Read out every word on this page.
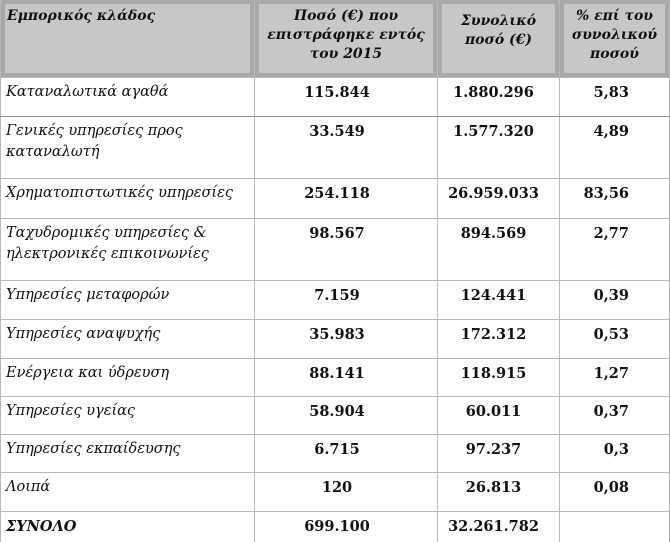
Εμπορικός κλάδος	Ποσό (€) που επιστράφηκε εντός του 2015	Συνολικό ποσό (€)	% επί του συνολικού ποσού

Καταναλωτικά αγαθά	115.844	1.880.296	5,83
Γενικές υπηρεσίες προς καταναλωτή	33.549	1.577.320	4,89
Χρηματοπιστωτικές υπηρεσίες	254.118	26.959.033	83,56
Ταχυδρομικές υπηρεσίες & ηλεκτρονικές επικοινωνίες	98.567	894.569	2,77
Υπηρεσίες μεταφορών	7.159	124.441	0,39
Υπηρεσίες αναψυχής	35.983	172.312	0,53
Ενέργεια και ύδρευση	88.141	118.915	1,27
Υπηρεσίες υγείας	58.904	60.011	0,37
Υπηρεσίες εκπαίδευσης	6.715	97.237	0,3
Λοιπά	120	26.813	0,08
ΣΥΝΟΛΟ	699.100	32.261.782	
